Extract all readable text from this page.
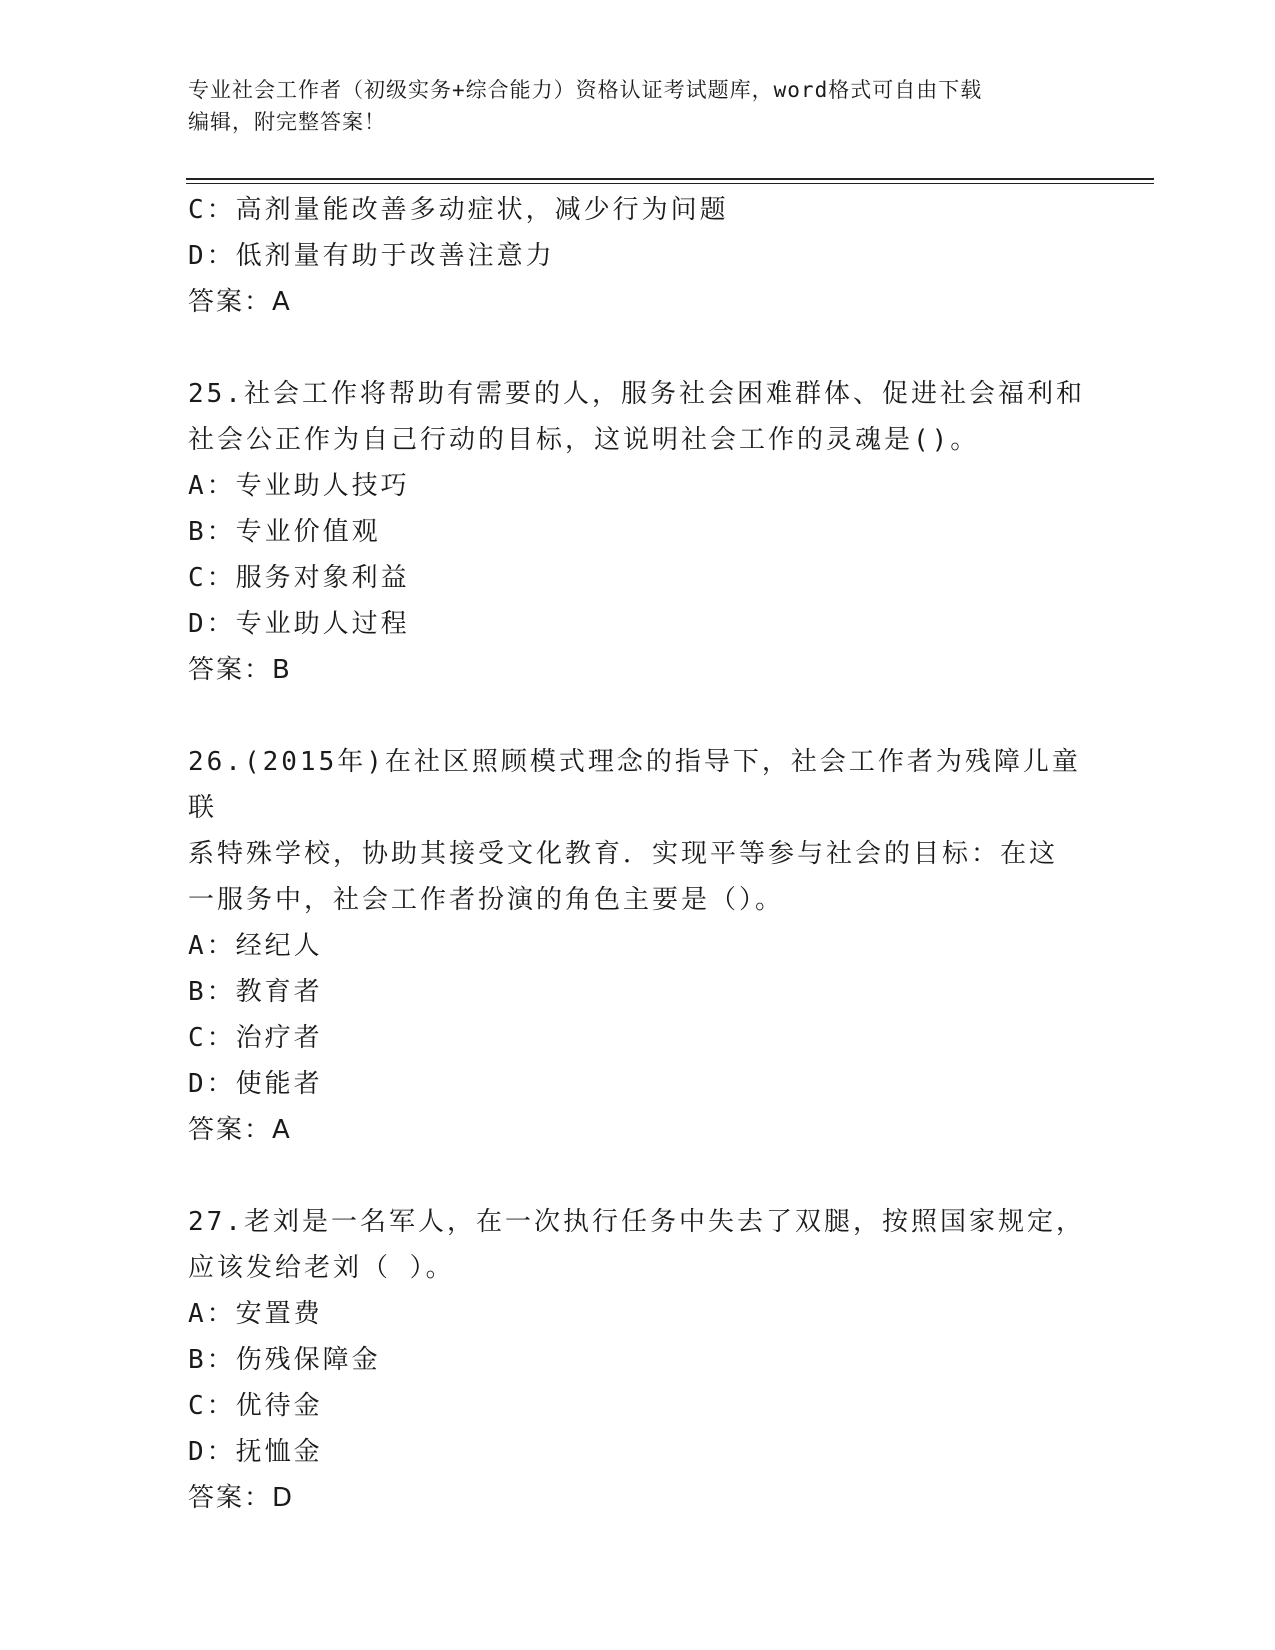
专业社会工作者（初级实务+综合能力）资格认证考试题库，word格式可自由下载
编辑，附完整答案！
C：高剂量能改善多动症状，减少行为问题
D：低剂量有助于改善注意力
答案：A
25.社会工作将帮助有需要的人，服务社会困难群体、促进社会福利和
社会公正作为自己行动的目标，这说明社会工作的灵魂是()。
A：专业助人技巧
B：专业价值观
C：服务对象利益
D：专业助人过程
答案：B
26.(2015年)在社区照顾模式理念的指导下，社会工作者为残障儿童联
系特殊学校，协助其接受文化教育．实现平等参与社会的目标：在这
一服务中，社会工作者扮演的角色主要是（）。
A：经纪人
B：教育者
C：治疗者
D：使能者
答案：A
27.老刘是一名军人，在一次执行任务中失去了双腿，按照国家规定，
应该发给老刘（ ）。
A：安置费
B：伤残保障金
C：优待金
D：抚恤金
答案：D
